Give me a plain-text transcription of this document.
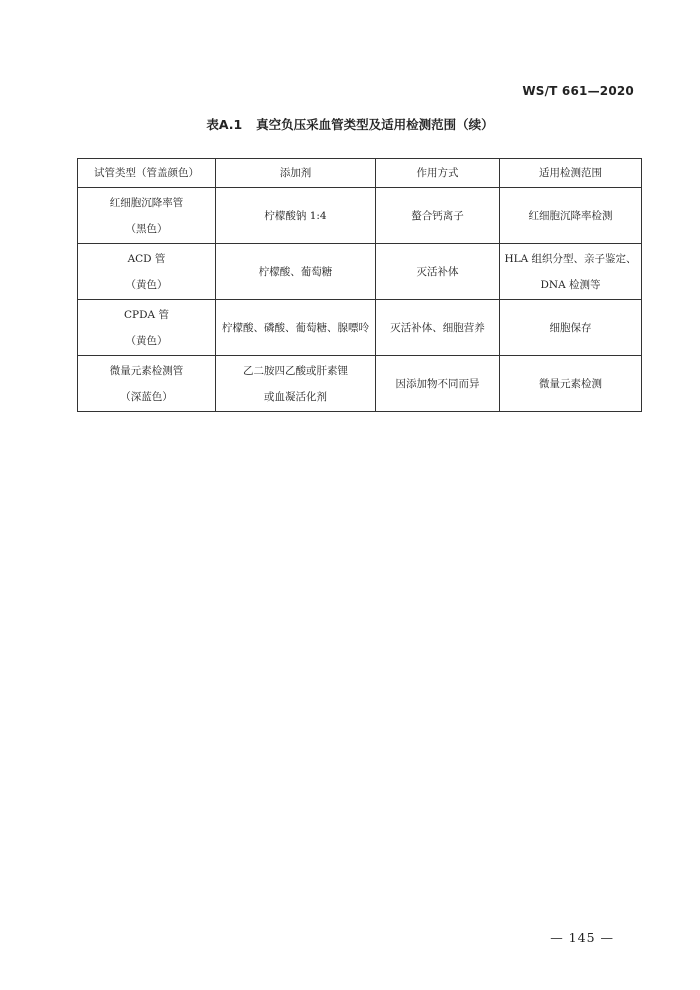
WS/T 661—2020
表A.1 真空负压采血管类型及适用检测范围（续）
试管类型（管盖颜色）	添加剂	作用方式	适用检测范围

红细胞沉降率管
（黑色）	柠檬酸钠 1:4	螯合钙离子	红细胞沉降率检测

ACD 管
（黄色）	柠檬酸、葡萄糖	灭活补体	HLA 组织分型、亲子鉴定、
DNA 检测等

CPDA 管
（黄色）	柠檬酸、磷酸、葡萄糖、腺嘌呤	灭活补体、细胞营养	细胞保存

微量元素检测管
（深蓝色）	乙二胺四乙酸或肝素锂
或血凝活化剂	因添加物不同而异	微量元素检测
— 145 —
